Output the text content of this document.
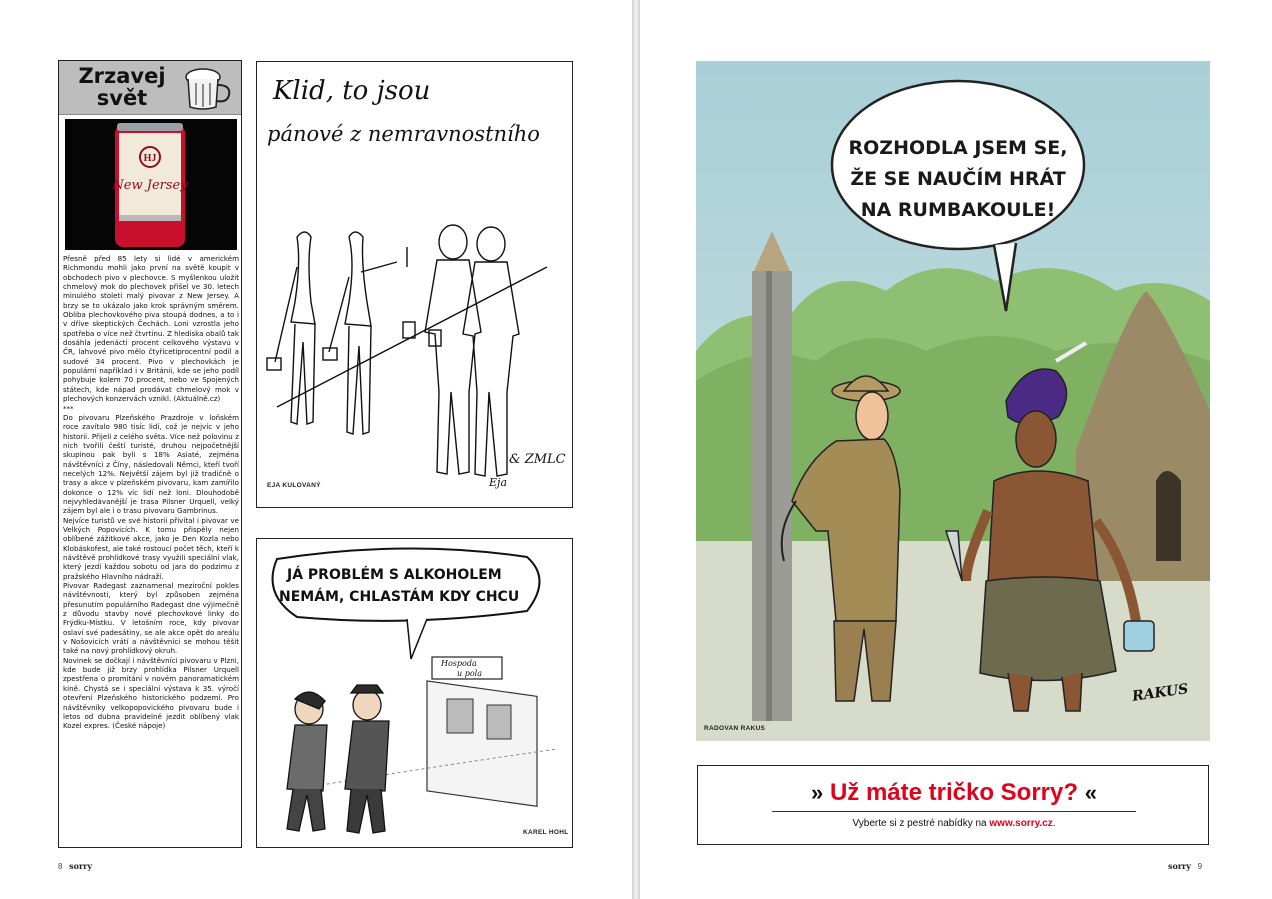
Zrzavej
svět
HJ
New Jersey
Přesně před 85 lety si lidé v americkém Richmondu mohli jako první na světě koupit v obchodech pivo v plechovce. S myšlenkou uložit chmelový mok do plechovek přišel ve 30. letech minulého století malý pivovar z New Jersey. A brzy se to ukázalo jako krok správným směrem. Obliba plechovkového piva stoupá dodnes, a to i v dříve skeptických Čechách. Loni vzrostla jeho spotřeba o více než čtvrtinu. Z hlediska obalů tak dosáhla jedenácti procent celkového výstavu v ČR, lahvové pivo mělo čtyřicetiprocentní podíl a sudové 34 procent. Pivo v plechovkách je populární například i v Británii, kde se jeho podíl pohybuje kolem 70 procent, nebo ve Spojených státech, kde nápad prodávat chmelový mok v plechových konzervách vznikl. (Aktuálně.cz)
***
Do pivovaru Plzeňského Prazdroje v loňském roce zavítalo 980 tisíc lidí, což je nejvíc v jeho historii. Přijeli z celého světa. Více než polovinu z nich tvořili čeští turisté, druhou nejpočetnější skupinou pak byli s 18% Asiaté, zejména návštěvníci z Číny, následovali Němci, kteří tvoří necelých 12%. Největší zájem byl již tradičně o trasy a akce v plzeňském pivovaru, kam zamířilo dokonce o 12% víc lidí než loni. Dlouhodobě nejvyhledávanější je trasa Pilsner Urquell, velký zájem byl ale i o trasu pivovaru Gambrinus.
Nejvíce turistů ve své historii přivítal i pivovar ve Velkých Popovicích. K tomu přispěly nejen oblíbené zážitkové akce, jako je Den Kozla nebo Klobáskofest, ale také rostoucí počet těch, kteří k návštěvě prohlídkové trasy využili speciální vlak, který jezdí každou sobotu od jara do podzimu z pražského Hlavního nádraží.
Pivovar Radegast zaznamenal meziroční pokles návštěvnosti, který byl způsoben zejména přesunutím populárního Radegast dne výjimečně z důvodu stavby nové plechovkové linky do Frýdku-Místku. V letošním roce, kdy pivovar oslaví své padesátiny, se ale akce opět do areálu v Nošovicích vrátí a návštěvníci se mohou těšit také na nový prohlídkový okruh.
Novinek se dočkají i návštěvníci pivovaru v Plzni, kde bude již brzy prohlídka Pilsner Urquell zpestřena o promítání v novém panoramatickém kině. Chystá se i speciální výstava k 35. výročí otevření Plzeňského historického podzemí. Pro návštěvníky velkopopovického pivovaru bude i letos od dubna pravidelně jezdit oblíbený vlak Kozel expres. (České nápoje)
Klid, to jsou
pánové z nemravnostního
EJA KULOVANÝ
& ZMLC
Eja
JÁ PROBLÉM S ALKOHOLEM
NEMÁM, CHLASTÁM KDY CHCU
Hospoda
u pola
KAREL HOHL
8 sorry
ROZHODLA JSEM SE,
ŽE SE NAUČÍM HRÁT
NA RUMBAKOULE!
RADOVAN RAKUS
RAKUS
sorry 9
» Už máte tričko Sorry? «
Vyberte si z pestré nabídky na www.sorry.cz.
